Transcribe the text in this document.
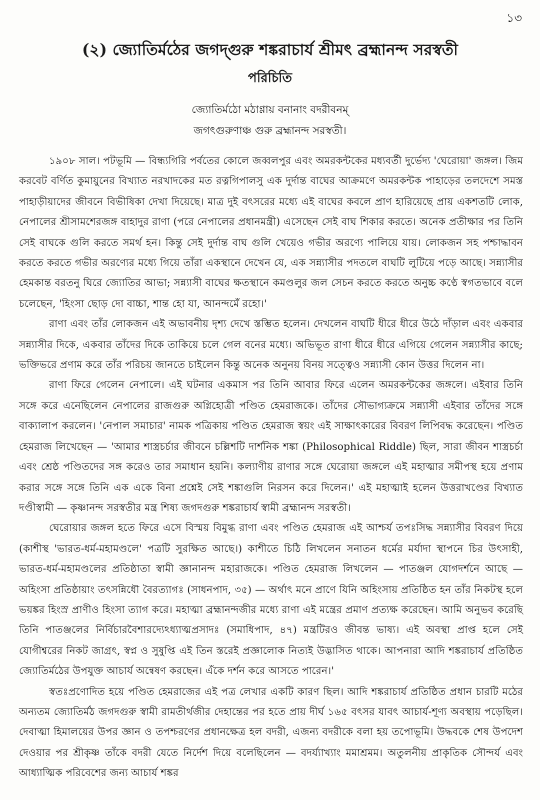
১৩
(২) জ্যোতির্মঠের জগদ্গুরু শঙ্করাচার্য শ্রীমৎ ব্রহ্মানন্দ সরস্বতী
পরিচিতি
জ্যোতির্মঠো মঠাণ্ণায় বনানাং বদরীবনম্‌
জগৎগুরুণাঞ্চ গুরু ব্রহ্মানন্দ সরস্বতী।

১৯০৮ সাল। পটভূমি — বিন্ধ্যগিরি পর্বতের কোলে জব্বলপুর এবং অমরকন্টকের মধ্যবর্তী দুর্ভেদ্য 'ঘেরোয়া' জঙ্গল। জিম করবেট বর্ণিত কুমায়ুনের বিখ্যাত নরখাদকের মত রত্নগিপালসু এক দুর্দান্ত বাঘের আক্রমণে অমরকন্টক পাহাড়ের তলদেশে সমস্ত পাহাড়ীয়াদের জীবনে বিভীষিকা দেখা দিয়েছে। মাত্র দুই বৎসরের মধ্যে এই বাঘের কবলে প্রাণ হারিয়েছে প্রায় একশতটি লোক, নেপালের শ্রীসামশেরজঙ্গ বাহাদুর রাণা (পরে নেপালের প্রধানমন্ত্রী) এসেছেন সেই বাঘ শিকার করতে। অনেক প্রতীক্ষার পর তিনি সেই বাঘকে গুলি করতে সমর্থ হন। কিন্তু সেই দুর্দান্ত বাঘ গুলি খেয়েও গভীর অরণ্যে পালিয়ে যায়। লোকজন সহ পশ্চাদ্ধাবন করতে করতে গভীর অরণ্যের মধ্যে গিয়ে তাঁরা একস্থানে দেখেন যে, এক সন্ন্যাসীর পদতলে বাঘটি লুটিয়ে পড়ে আছে। সন্ন্যাসীর হেমকান্ত বরতনু ঘিরে জ্যোতির আভা; সন্ন্যাসী বাঘের ক্ষতস্থানে কমণ্ডলুর জল সেচন করতে করতে অনুচ্চ কণ্ঠে স্বগতভাবে বলে চলেছেন, 'হিংসা ছোড় দো বাচ্চা, শান্ত হো যা, আনন্দমেঁ রহো।'

রাণা এবং তাঁর লোকজন এই অভাবনীয় দৃশ্য দেখে স্তম্ভিত হলেন। দেখলেন বাঘটি ধীরে ধীরে উঠে দাঁড়াল এবং একবার সন্ন্যাসীর দিকে, একবার তাঁদের দিকে তাকিয়ে চলে গেল বনের মধ্যে। অভিভূত রাণা ধীরে ধীরে এগিয়ে গেলেন সন্ন্যাসীর কাছে; ভক্তিভরে প্রণাম করে তাঁর পরিচয় জানতে চাইলেন কিন্তু অনেক অনুনয় বিনয় সত্ত্বেও সন্ন্যাসী কোন উত্তর দিলেন না।

রাণা ফিরে গেলেন নেপালে। এই ঘটনার একমাস পর তিনি আবার ফিরে এলেন অমরকন্টকের জঙ্গলে। এইবার তিনি সঙ্গে করে এনেছিলেন নেপালের রাজগুরু অগ্নিহোত্রী পণ্ডিত হেমরাজকে। তাঁদের সৌভাগ্যক্রমে সন্ন্যাসী এইবার তাঁদের সঙ্গে বাক্যালাপ করলেন। 'নেপাল সমাচার' নামক পত্রিকায় পণ্ডিত হেমরাজ স্বয়ং এই সাক্ষাৎকারের বিবরণ লিপিবদ্ধ করেছেন। পণ্ডিত হেমরাজ লিখেছেন — 'আমার শাস্ত্রচর্চার জীবনে চল্লিশটি দার্শনিক শঙ্কা (Philosophical Riddle) ছিল, সারা জীবন শাস্ত্রচর্চা এবং শ্রেষ্ঠ পণ্ডিতদের সঙ্গ করেও তার সমাধান হয়নি। কল্যাণীয় রাণার সঙ্গে ঘেরোয়া জঙ্গলে এই মহাত্মার সমীপস্থ হয়ে প্রণাম করার সঙ্গে সঙ্গে তিনি এক একে বিনা প্রশ্নেই সেই শঙ্কাগুলি নিরসন করে দিলেন।' এই মহাত্মাই হলেন উত্তরাখণ্ডের বিখ্যাত দণ্ডীস্বামী — কৃষ্ণানন্দ সরস্বতীর মন্ত্র শিষ্য জগদগুরু শঙ্করাচার্য স্বামী ব্রহ্মানন্দ সরস্বতী।

ঘেরোয়ার জঙ্গল হতে ফিরে এসে বিস্ময় বিমুগ্ধ রাণা এবং পণ্ডিত হেমরাজ এই আশ্চর্য তপঃসিদ্ধ সন্ন্যাসীর বিবরণ দিয়ে (কাশীস্থ 'ভারত-ধর্ম-মহামণ্ডলে' পত্রটি সুরক্ষিত আছে।) কাশীতে চিঠি লিখলেন সনাতন ধর্মের মর্যাদা স্থাপনে চির উৎসাহী, ভারত-ধর্ম-মহামণ্ডলের প্রতিষ্ঠাতা স্বামী জ্ঞানানন্দ মহারাজকে। পণ্ডিত হেমরাজ লিখলেন — পাতঞ্জল যোগদর্শনে আছে — অহিংসা প্রতিষ্ঠায়াং তৎসন্নিধৌ বৈরত্যাগঃ (সাধনপাদ, ৩৫) — অর্থাৎ মনে প্রাণে যিনি অহিংসায় প্রতিষ্ঠিত হন তাঁর নিকটস্থ হলে ভয়ঙ্কর হিংস্র প্রাণীও হিংসা ত্যাগ করে। মহাত্মা ব্রহ্মানন্দজীর মধ্যে রাণা এই মন্ত্রের প্রমাণ প্রত্যক্ষ করেছেন। আমি অনুভব করেছি তিনি পাতঞ্জলের নির্বিচারবৈশারদ্যেঽধ্যাত্মপ্রসাদঃ (সমাধিপাদ, ৪৭) মন্ত্রটিরও জীবন্ত ভাষ্য। এই অবস্থা প্রাপ্ত হলে সেই যোগীশ্বরের নিকট জাগ্রৎ, স্বপ্ন ও সুষুপ্তি এই তিন স্তরেই প্রজ্ঞালোক নিত্যই উদ্ভাসিত থাকে। আপনারা আদি শঙ্করাচার্য প্রতিষ্ঠিত জ্যোতির্মঠের উপযুক্ত আচার্য অন্বেষণ করছেন। এঁকে দর্শন করে আসতে পারেন।'

স্বতঃপ্রণোদিত হয়ে পণ্ডিত হেমরাজের এই পত্র লেখার একটি কারণ ছিল। আদি শঙ্করাচার্য প্রতিষ্ঠিত প্রধান চারটি মঠের অন্যতম জ্যোতির্মঠ জগদগুরু স্বামী রামতীর্থজীর দেহান্তের পর হতে প্রায় দীর্ঘ ১৬৫ বৎসর যাবৎ আচার্য-শূণ্য অবস্থায় পড়েছিল। দেবাত্মা হিমালয়ের উপর জ্ঞান ও তপশ্চরণের প্রধানক্ষেত্র হল বদরী, এজন্য বদরীকে বলা হয় তপোভূমি। উদ্ধবকে শেষ উপদেশ দেওয়ার পর শ্রীকৃষ্ণ তাঁকে বদরী যেতে নির্দেশ দিয়ে বলেছিলেন — বদর্য্যাখ্যাং মমাশ্রমম। অতুলনীয় প্রাকৃতিক সৌন্দর্য এবং আধ্যাত্মিক পরিবেশের জন্য আচার্য শঙ্কর
